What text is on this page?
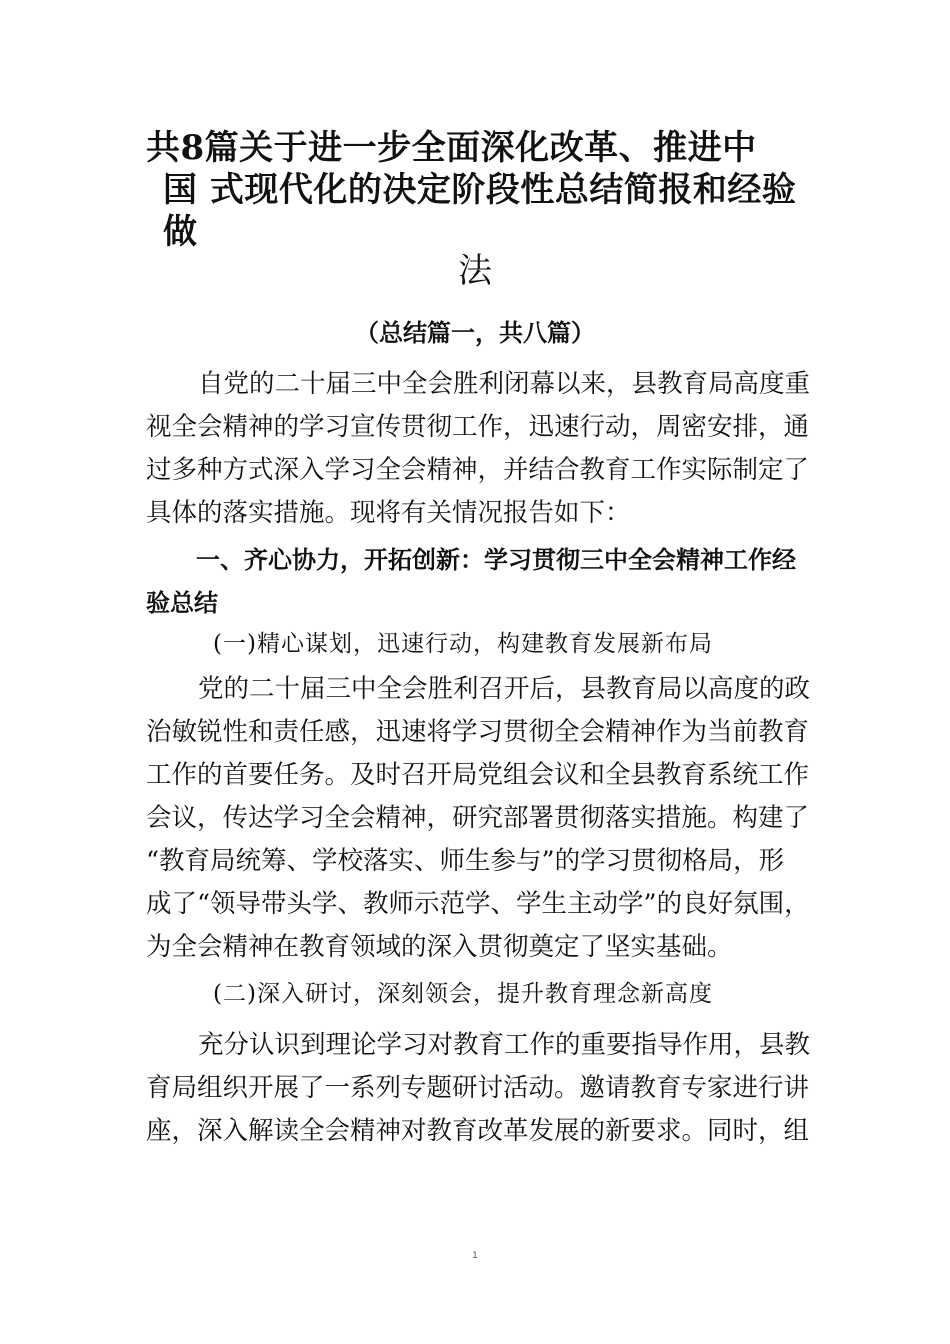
共8篇关于进一步全面深化改革、推进中
国 式现代化的决定阶段性总结简报和经验
做
法
（总结篇一，共八篇）
自党的二十届三中全会胜利闭幕以来，县教育局高度重
视全会精神的学习宣传贯彻工作，迅速行动，周密安排，通
过多种方式深入学习全会精神，并结合教育工作实际制定了
具体的落实措施。现将有关情况报告如下：
一、齐心协力，开拓创新：学习贯彻三中全会精神工作经
验总结
(一)精心谋划，迅速行动，构建教育发展新布局
党的二十届三中全会胜利召开后，县教育局以高度的政
治敏锐性和责任感，迅速将学习贯彻全会精神作为当前教育
工作的首要任务。及时召开局党组会议和全县教育系统工作
会议，传达学习全会精神，研究部署贯彻落实措施。构建了
“教育局统筹、学校落实、师生参与”的学习贯彻格局，形
成了“领导带头学、教师示范学、学生主动学”的良好氛围，
为全会精神在教育领域的深入贯彻奠定了坚实基础。
(二)深入研讨，深刻领会，提升教育理念新高度
充分认识到理论学习对教育工作的重要指导作用，县教
育局组织开展了一系列专题研讨活动。邀请教育专家进行讲
座，深入解读全会精神对教育改革发展的新要求。同时，组
1
